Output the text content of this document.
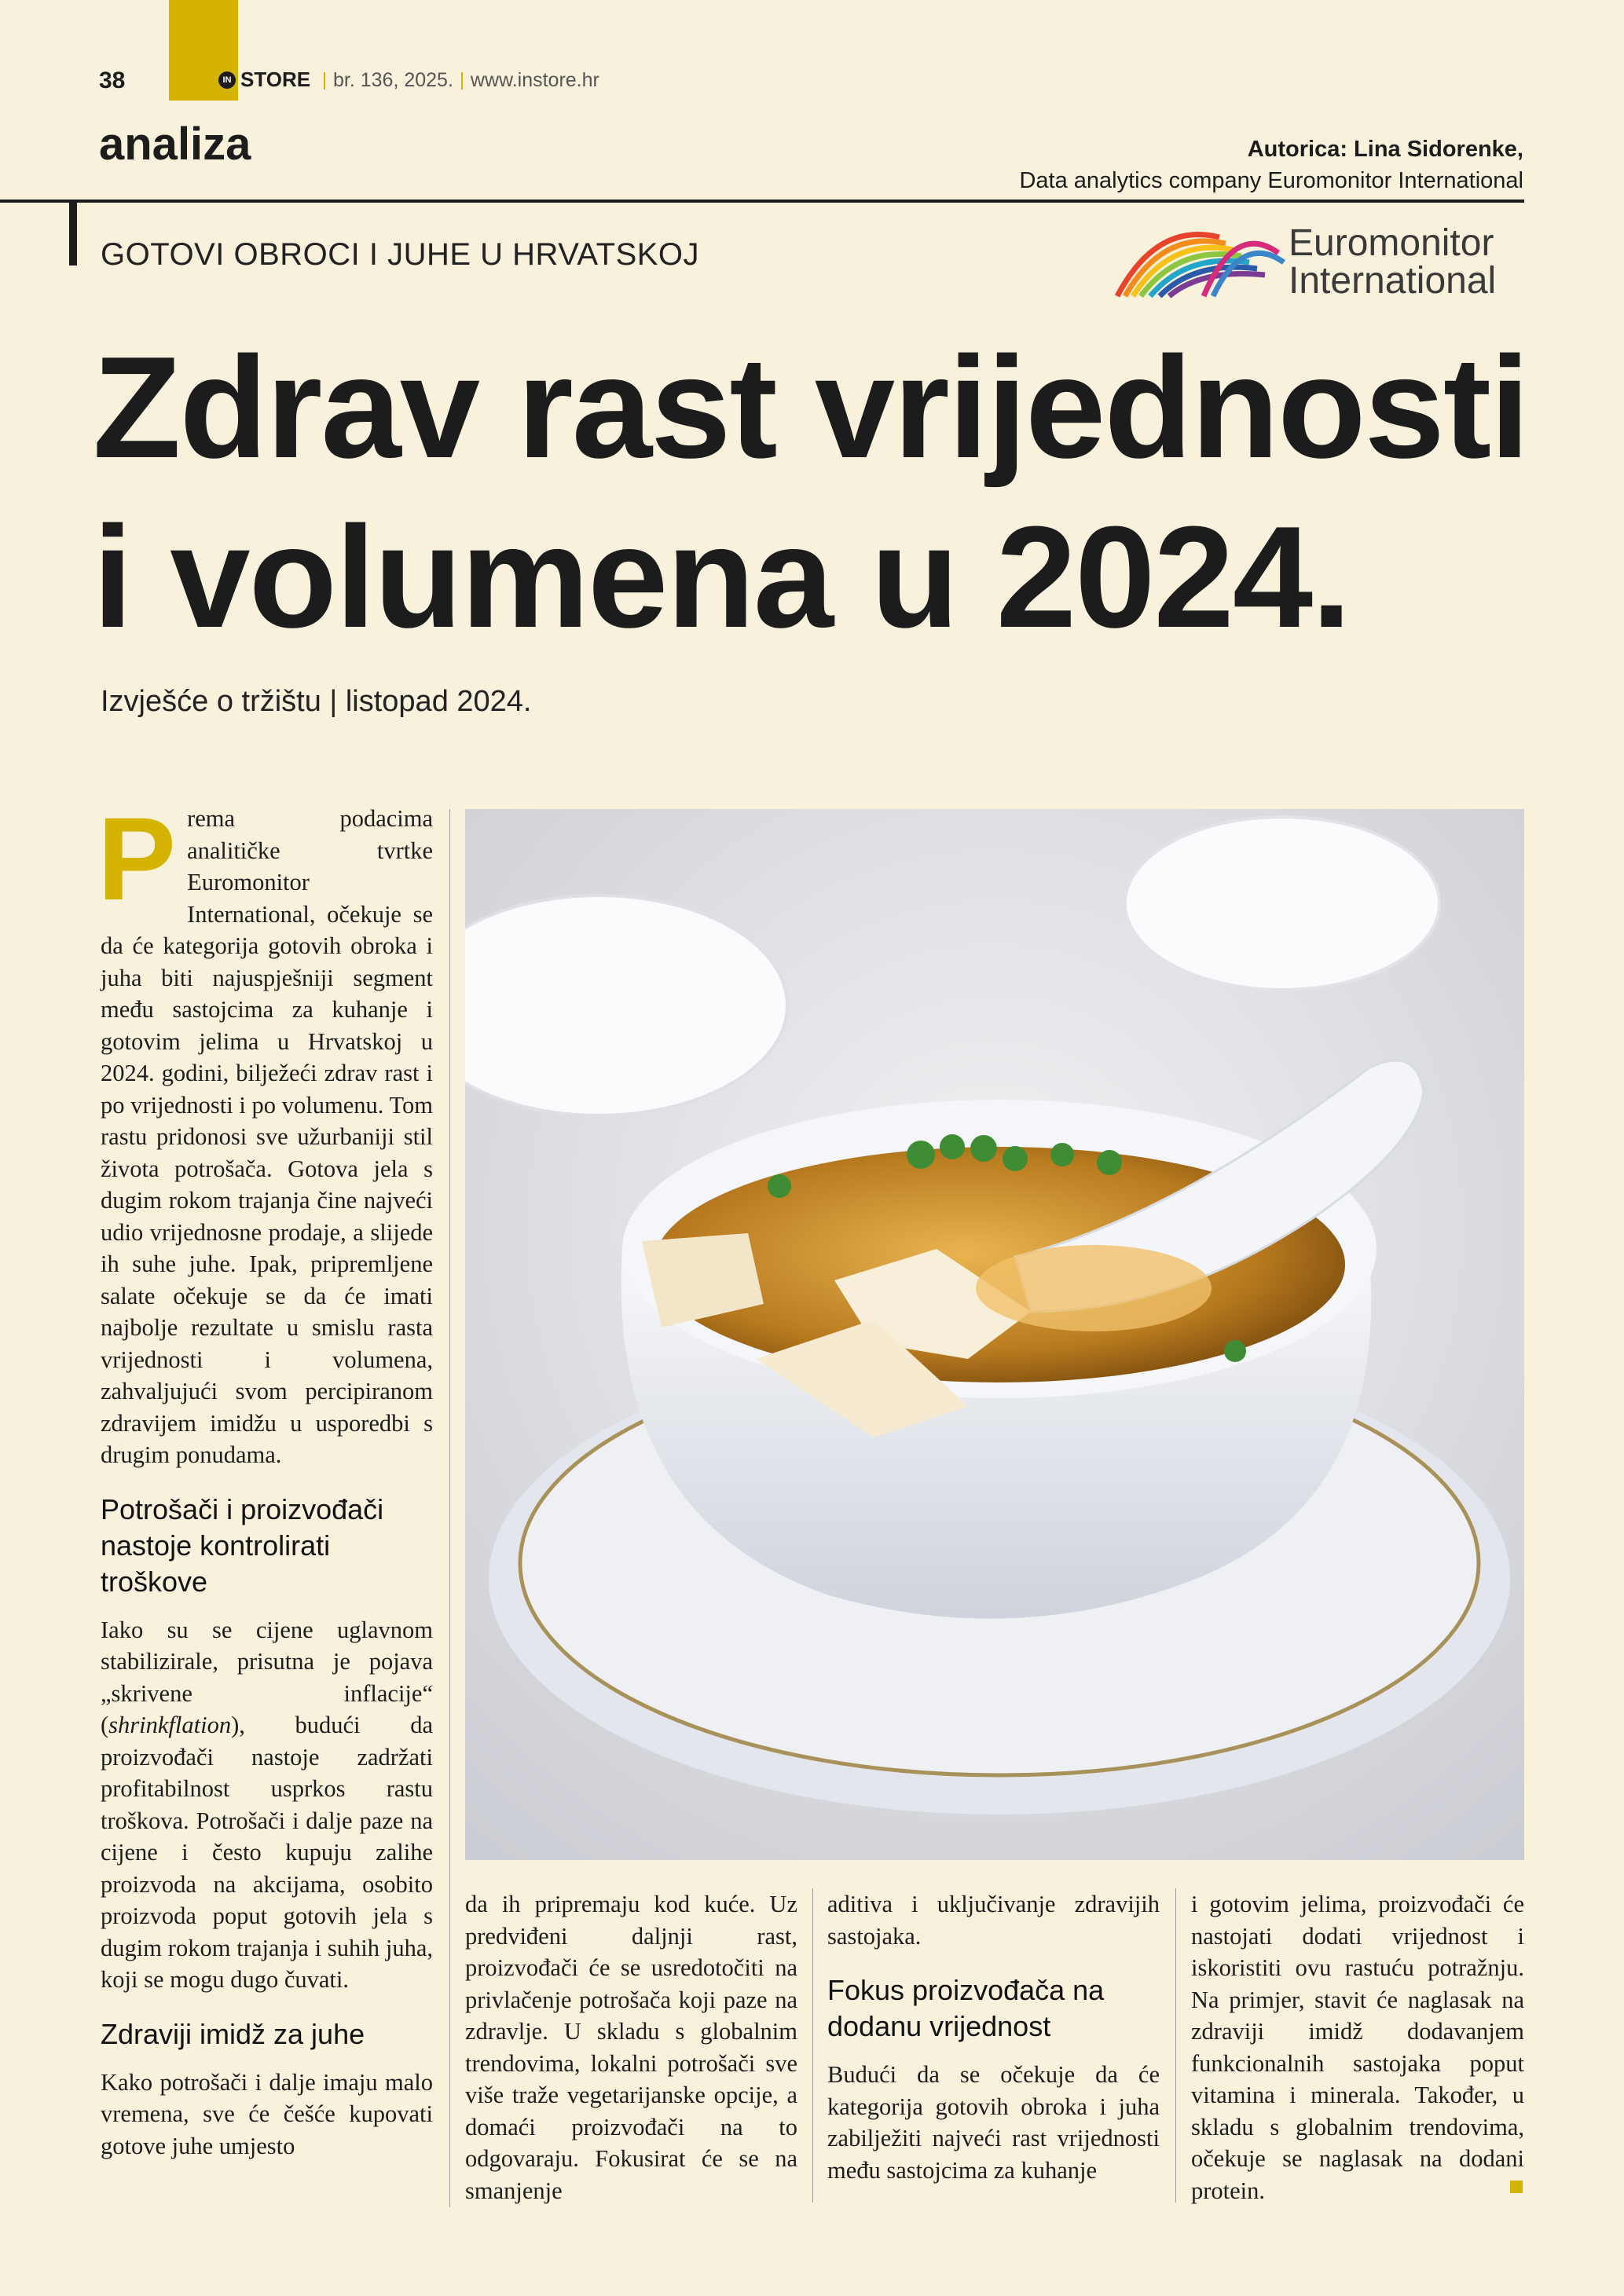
38	IN STORE	br. 136, 2025. www.instore.hr
analiza	Autorica: Lina Sidorenke,
Data analytics company Euromonitor International
GOTOVI OBROCI I JUHE U HRVATSKOJ	Euromonitor
International
Zdrav rast vrijednosti
i volumena u 2024.
Izvješće o tržištu | listopad 2024.

Prema podacima analitičke tvrtke Euromonitor International, očekuje se da će kategorija gotovih obroka i juha biti najuspješniji segment među sastojcima za kuhanje i gotovim jelima u Hrvatskoj u 2024. godini, bilježeći zdrav rast i po vrijednosti i po volumenu. Tom rastu pridonosi sve užurbaniji stil života potrošača. Gotova jela s dugim rokom trajanja čine najveći udio vrijednosne prodaje, a slijede ih suhe juhe. Ipak, pripremljene salate očekuje se da će imati najbolje rezultate u smislu rasta vrijednosti i volumena, zahvaljujući svom percipiranom zdravijem imidžu u usporedbi s drugim ponudama.

Potrošači i proizvođači nastoje kontrolirati troškove

Iako su se cijene uglavnom stabilizirale, prisutna je pojava „skrivene inflacije“ (shrinkflation), budući da proizvođači nastoje zadržati profitabilnost usprkos rastu troškova. Potrošači i dalje paze na cijene i često kupuju zalihe proizvoda na akcijama, osobito proizvoda poput gotovih jela s dugim rokom trajanja i suhih juha, koji se mogu dugo čuvati.

Zdraviji imidž za juhe

Kako potrošači i dalje imaju malo vremena, sve će češće kupovati gotove juhe umjesto

da ih pripremaju kod kuće. Uz predviđeni daljnji rast, proizvođači će se usredotočiti na privlačenje potrošača koji paze na zdravlje. U skladu s globalnim trendovima, lokalni potrošači sve više traže vegetarijanske opcije, a domaći proizvođači na to odgovaraju. Fokusirat će se na smanjenje

aditiva i uključivanje zdravijih sastojaka.

Fokus proizvođača na dodanu vrijednost

Budući da se očekuje da će kategorija gotovih obroka i juha zabilježiti najveći rast vrijednosti među sastojcima za kuhanje

i gotovim jelima, proizvođači će nastojati dodati vrijednost i iskoristiti ovu rastuću potražnju. Na primjer, stavit će naglasak na zdraviji imidž dodavanjem funkcionalnih sastojaka poput vitamina i minerala. Također, u skladu s globalnim trendovima, očekuje se naglasak na dodani protein.
